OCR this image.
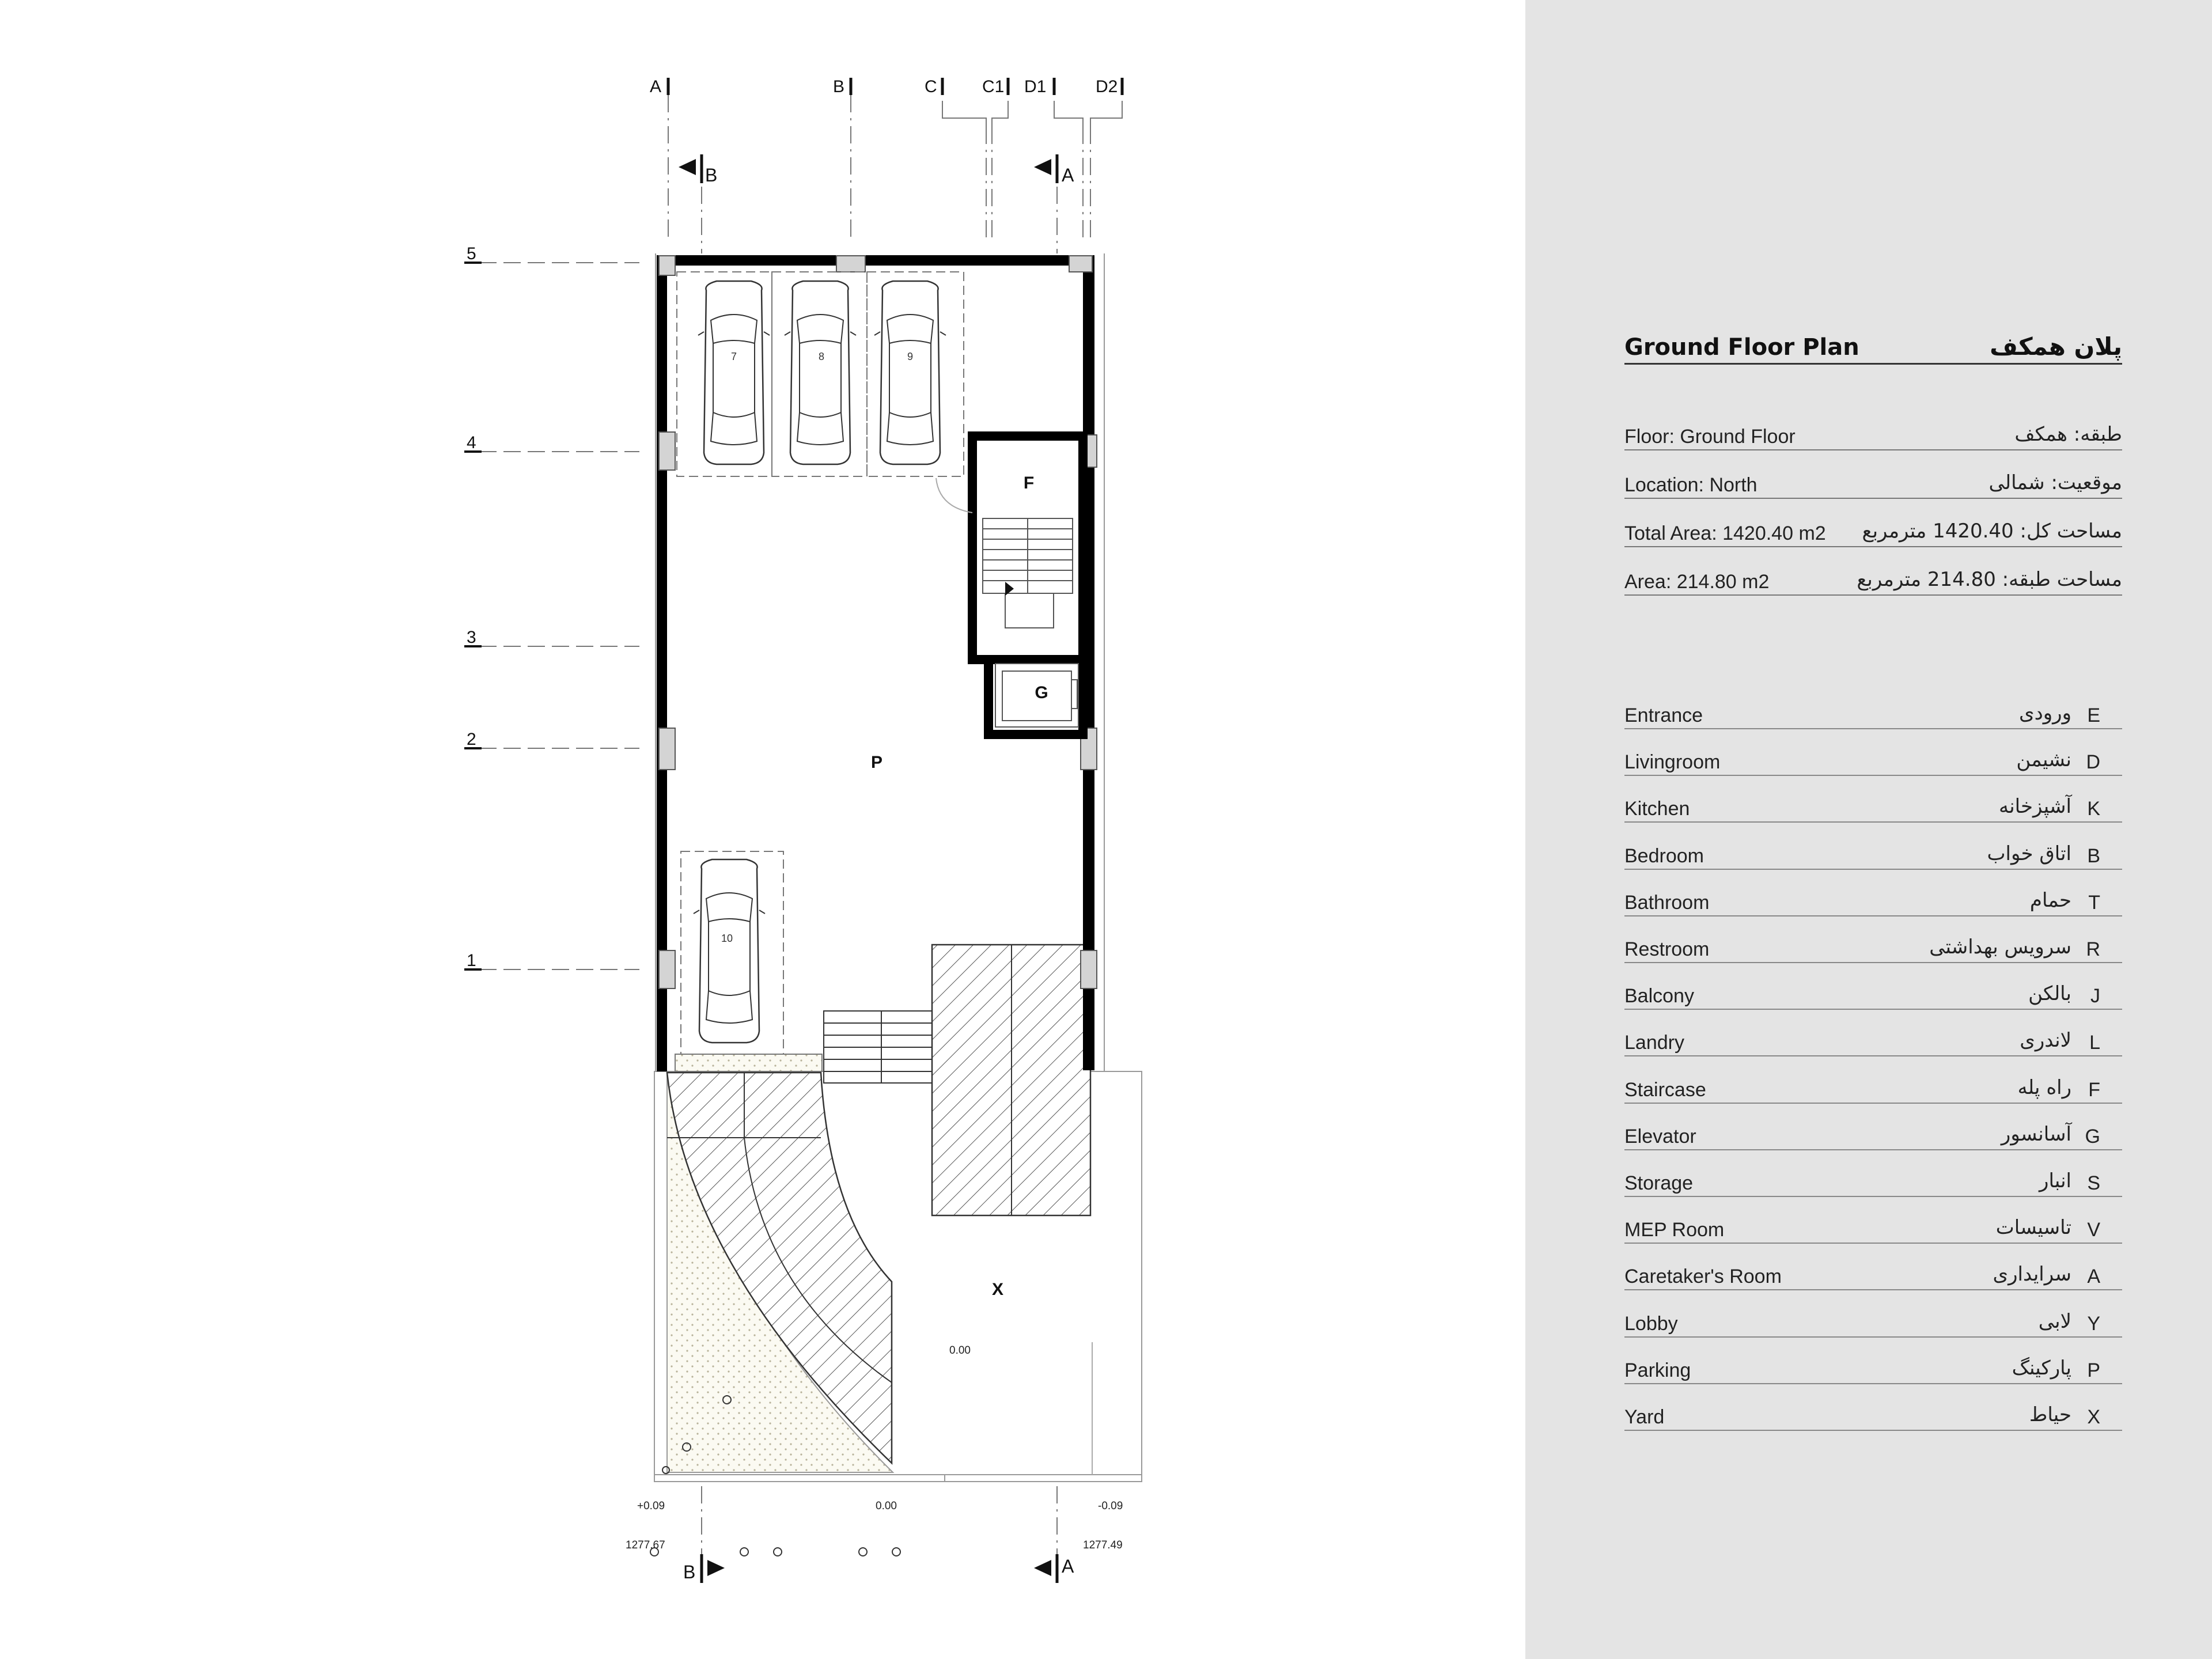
A	B	C	C1 D1	D2
B	A
5
4
3
2
1
7	8	9
10
F
G
P
X
0.00
+0.09	0.00	-0.09
1277.67	1277.49
B	A
Ground Floor Plan	پلان همکف
Floor: Ground Floor	طبقه: همکف
Location: North	موقعیت: شمالی
Total Area: 1420.40 m2 مساحت کل: 1420.40 مترمربع
Area: 214.80 m2	مساحت طبقه: 214.80 مترمربع
Entrance	ورودی E
Livingroom	نشیمن D
Kitchen	آشپزخانه K
Bedroom	اتاق خواب B
Bathroom	حمام T
Restroom	سرویس بهداشتی R
Balcony	بالکن J
Landry	لاندری L
Staircase	راه پله F
Elevator	آسانسور G
Storage	انبار S
MEP Room	تاسیسات V
Caretaker's Room	سرایداری A
Lobby	لابی Y
Parking	پارکینگ P
Yard	حیاط X
